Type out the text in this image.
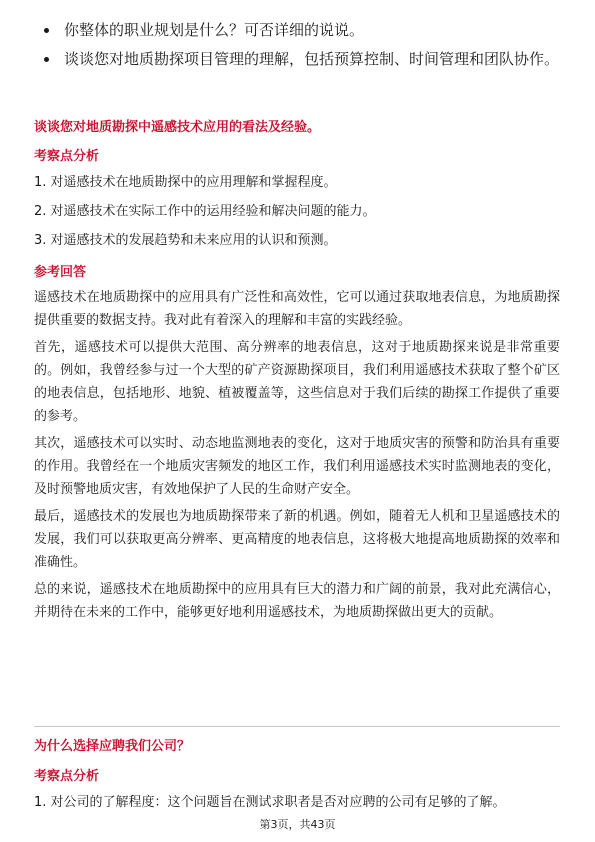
你整体的职业规划是什么？可否详细的说说。
谈谈您对地质勘探项目管理的理解，包括预算控制、时间管理和团队协作。
谈谈您对地质勘探中遥感技术应用的看法及经验。
考察点分析
1. 对遥感技术在地质勘探中的应用理解和掌握程度。
2. 对遥感技术在实际工作中的运用经验和解决问题的能力。
3. 对遥感技术的发展趋势和未来应用的认识和预测。
参考回答

遥感技术在地质勘探中的应用具有广泛性和高效性，它可以通过获取地表信息，为地质勘探提供重要的数据支持。我对此有着深入的理解和丰富的实践经验。

首先，遥感技术可以提供大范围、高分辨率的地表信息，这对于地质勘探来说是非常重要的。例如，我曾经参与过一个大型的矿产资源勘探项目，我们利用遥感技术获取了整个矿区的地表信息，包括地形、地貌、植被覆盖等，这些信息对于我们后续的勘探工作提供了重要的参考。

其次，遥感技术可以实时、动态地监测地表的变化，这对于地质灾害的预警和防治具有重要的作用。我曾经在一个地质灾害频发的地区工作，我们利用遥感技术实时监测地表的变化，及时预警地质灾害，有效地保护了人民的生命财产安全。

最后，遥感技术的发展也为地质勘探带来了新的机遇。例如，随着无人机和卫星遥感技术的发展，我们可以获取更高分辨率、更高精度的地表信息，这将极大地提高地质勘探的效率和准确性。

总的来说，遥感技术在地质勘探中的应用具有巨大的潜力和广阔的前景，我对此充满信心，并期待在未来的工作中，能够更好地利用遥感技术，为地质勘探做出更大的贡献。

为什么选择应聘我们公司？
考察点分析
1. 对公司的了解程度：这个问题旨在测试求职者是否对应聘的公司有足够的了解。
第3页，共43页
